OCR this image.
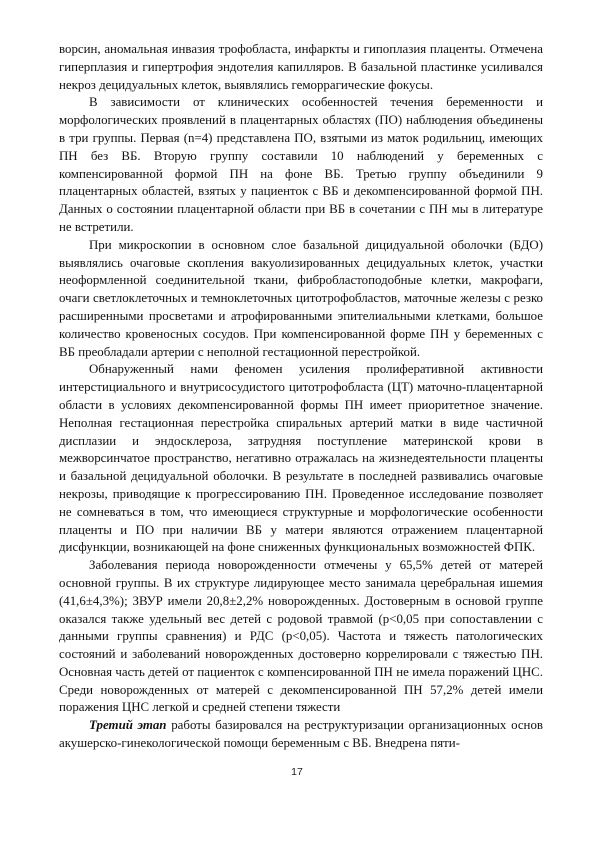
ворсин, аномальная инвазия трофобласта, инфаркты и гипоплазия плаценты. Отмечена гиперплазия и гипертрофия эндотелия капилляров. В базальной пластинке усиливался некроз децидуальных клеток, выявлялись геморрагические фокусы.

В зависимости от клинических особенностей течения беременности и морфологических проявлений в плацентарных областях (ПО) наблюдения объединены в три группы. Первая (n=4) представлена ПО, взятыми из маток родильниц, имеющих ПН без ВБ. Вторую группу составили 10 наблюдений у беременных с компенсированной формой ПН на фоне ВБ. Третью группу объединили 9 плацентарных областей, взятых у пациенток с ВБ и декомпенсированной формой ПН. Данных о состоянии плацентарной области при ВБ в сочетании с ПН мы в литературе не встретили.

При микроскопии в основном слое базальной дицидуальной оболочки (БДО) выявлялись очаговые скопления вакуолизированных децидуальных клеток, участки неоформленной соединительной ткани, фибробластоподобные клетки, макрофаги, очаги светлоклеточных и темноклеточных цитотрофобластов, маточные железы с резко расширенными просветами и атрофированными эпителиальными клетками, большое количество кровеносных сосудов. При компенсированной форме ПН у беременных с ВБ преобладали артерии с неполной гестационной перестройкой.

Обнаруженный нами феномен усиления пролиферативной активности интерстициального и внутрисосудистого цитотрофобласта (ЦТ) маточно-плацентарной области в условиях декомпенсированной формы ПН имеет приоритетное значение. Неполная гестационная перестройка спиральных артерий матки в виде частичной дисплазии и эндосклероза, затрудняя поступление материнской крови в межворсинчатое пространство, негативно отражалась на жизнедеятельности плаценты и базальной децидуальной оболочки. В результате в последней развивались очаговые некрозы, приводящие к прогрессированию ПН. Проведенное исследование позволяет не сомневаться в том, что имеющиеся структурные и морфологические особенности плаценты и ПО при наличии ВБ у матери являются отражением плацентарной дисфункции, возникающей на фоне сниженных функциональных возможностей ФПК.

Заболевания периода новорожденности отмечены у 65,5% детей от матерей основной группы. В их структуре лидирующее место занимала церебральная ишемия (41,6±4,3%); ЗВУР имели 20,8±2,2% новорожденных. Достоверным в основой группе оказался также удельный вес детей с родовой травмой (р<0,05 при сопоставлении с данными группы сравнения) и РДС (р<0,05). Частота и тяжесть патологических состояний и заболеваний новорожденных достоверно коррелировали с тяжестью ПН. Основная часть детей от пациенток с компенсированной ПН не имела поражений ЦНС. Среди новорожденных от матерей с декомпенсированной ПН 57,2% детей имели поражения ЦНС легкой и средней степени тяжести

Третий этап работы базировался на реструктуризации организационных основ акушерско-гинекологической помощи беременным с ВБ. Внедрена пяти-

17
